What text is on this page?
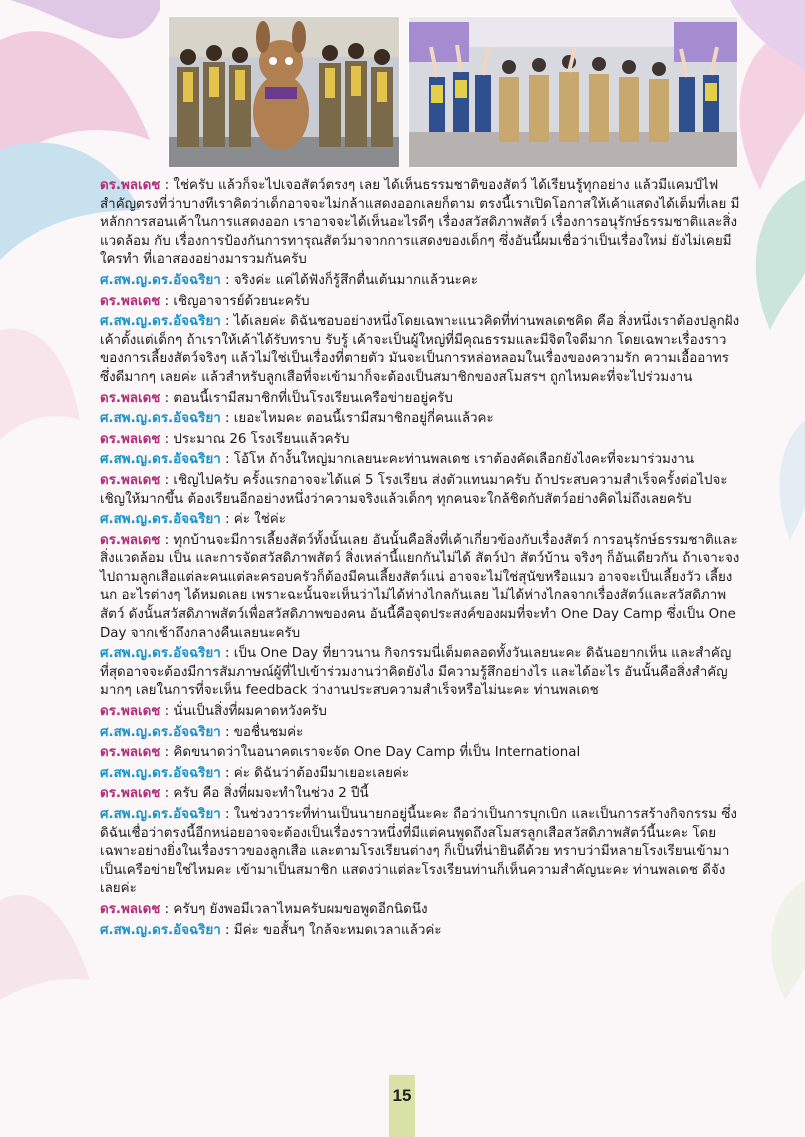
ดร.พลเดช : ใช่ครับ แล้วก็จะไปเจอสัตว์ตรงๆ เลย ได้เห็นธรรมชาติของสัตว์ ได้เรียนรู้ทุกอย่าง แล้วมีแคมป์ไฟสำคัญตรงที่ว่าบางทีเราคิดว่าเด็กอาจจะไม่กล้าแสดงออกเลยก็ตาม ตรงนี้เราเปิดโอกาสให้เค้าแสดงได้เต็มที่เลย มีหลักการสอนเค้าในการแสดงออก เราอาจจะได้เห็นอะไรดีๆ เรื่องสวัสดิภาพสัตว์ เรื่องการอนุรักษ์ธรรมชาติและสิ่งแวดล้อม กับ เรื่องการป้องกันการทารุณสัตว์มาจากการแสดงของเด็กๆ ซึ่งอันนี้ผมเชื่อว่าเป็นเรื่องใหม่ ยังไม่เคยมีใครทำ ที่เอาสองอย่างมารวมกันครับ

ศ.สพ.ญ.ดร.อัจฉริยา : จริงค่ะ แค่ได้ฟังก็รู้สึกตื่นเต้นมากแล้วนะคะ

ดร.พลเดช : เชิญอาจารย์ด้วยนะครับ

ศ.สพ.ญ.ดร.อัจฉริยา : ได้เลยค่ะ ดิฉันชอบอย่างหนึ่งโดยเฉพาะแนวคิดที่ท่านพลเดชคิด คือ สิ่งหนึ่งเราต้องปลูกฝังเค้าตั้งแต่เด็กๆ ถ้าเราให้เค้าได้รับทราบ รับรู้ เค้าจะเป็นผู้ใหญ่ที่มีคุณธรรมและมีจิตใจดีมาก โดยเฉพาะเรื่องราวของการเลี้ยงสัตว์จริงๆ แล้วไม่ใช่เป็นเรื่องที่ตายตัว มันจะเป็นการหล่อหลอมในเรื่องของความรัก ความเอื้ออาทร ซึ่งดีมากๆ เลยค่ะ แล้วสำหรับลูกเสือที่จะเข้ามาก็จะต้องเป็นสมาชิกของสโมสรฯ ถูกไหมคะที่จะไปร่วมงาน

ดร.พลเดช : ตอนนี้เรามีสมาชิกที่เป็นโรงเรียนเครือข่ายอยู่ครับ

ศ.สพ.ญ.ดร.อัจฉริยา : เยอะไหมคะ ตอนนี้เรามีสมาชิกอยู่กี่คนแล้วคะ

ดร.พลเดช : ประมาณ 26 โรงเรียนแล้วครับ

ศ.สพ.ญ.ดร.อัจฉริยา : โอ้โห ถ้างั้นใหญ่มากเลยนะคะท่านพลเดช เราต้องคัดเลือกยังไงคะที่จะมาร่วมงาน

ดร.พลเดช : เชิญไปครับ ครั้งแรกอาจจะได้แค่ 5 โรงเรียน ส่งตัวแทนมาครับ ถ้าประสบความสำเร็จครั้งต่อไปจะเชิญให้มากขึ้น ต้องเรียนอีกอย่างหนึ่งว่าความจริงแล้วเด็กๆ ทุกคนจะใกล้ชิดกับสัตว์อย่างคิดไม่ถึงเลยครับ

ศ.สพ.ญ.ดร.อัจฉริยา : ค่ะ ใช่ค่ะ

ดร.พลเดช : ทุกบ้านจะมีการเลี้ยงสัตว์ทั้งนั้นเลย อันนั้นคือสิ่งที่เค้าเกี่ยวข้องกับเรื่องสัตว์ การอนุรักษ์ธรรมชาติและสิ่งแวดล้อม เป็น และการจัดสวัสดิภาพสัตว์ สิ่งเหล่านี้แยกกันไม่ได้ สัตว์ป่า สัตว์บ้าน จริงๆ ก็อันเดียวกัน ถ้าเจาะจงไปถามลูกเสือแต่ละคนแต่ละครอบครัวก็ต้องมีคนเลี้ยงสัตว์แน่ อาจจะไม่ใช่สุนัขหรือแมว อาจจะเป็นเลี้ยงวัว เลี้ยงนก อะไรต่างๆ ได้หมดเลย เพราะฉะนั้นจะเห็นว่าไม่ได้ห่างไกลกันเลย ไม่ได้ห่างไกลจากเรื่องสัตว์และสวัสดิภาพสัตว์ ดังนั้นสวัสดิภาพสัตว์เพื่อสวัสดิภาพของคน อันนี้คือจุดประสงค์ของผมที่จะทำ One Day Camp ซึ่งเป็น One Day จากเช้าถึงกลางคืนเลยนะครับ

ศ.สพ.ญ.ดร.อัจฉริยา : เป็น One Day ที่ยาวนาน กิจกรรมนี่เต็มตลอดทั้งวันเลยนะคะ ดิฉันอยากเห็น และสำคัญที่สุดอาจจะต้องมีการสัมภาษณ์ผู้ที่ไปเข้าร่วมงานว่าคิดยังไง มีความรู้สึกอย่างไร และได้อะไร อันนั้นคือสิ่งสำคัญมากๆ เลยในการที่จะเห็น feedback ว่างานประสบความสำเร็จหรือไม่นะคะ ท่านพลเดช

ดร.พลเดช : นั่นเป็นสิ่งที่ผมคาดหวังครับ

ศ.สพ.ญ.ดร.อัจฉริยา : ขอชื่นชมค่ะ

ดร.พลเดช : คิดขนาดว่าในอนาคตเราจะจัด One Day Camp ที่เป็น International

ศ.สพ.ญ.ดร.อัจฉริยา : ค่ะ ดิฉันว่าต้องมีมาเยอะเลยค่ะ

ดร.พลเดช : ครับ คือ สิ่งที่ผมจะทำในช่วง 2 ปีนี้

ศ.สพ.ญ.ดร.อัจฉริยา : ในช่วงวาระที่ท่านเป็นนายกอยู่นี้นะคะ ถือว่าเป็นการบุกเบิก และเป็นการสร้างกิจกรรม ซึ่งดิฉันเชื่อว่าตรงนี้อีกหน่อยอาจจะต้องเป็นเรื่องราวหนึ่งที่มีแต่คนพูดถึงสโมสรลูกเสือสวัสดิภาพสัตว์นี้นะคะ โดยเฉพาะอย่างยิ่งในเรื่องราวของลูกเสือ และตามโรงเรียนต่างๆ ก็เป็นที่น่ายินดีด้วย ทราบว่ามีหลายโรงเรียนเข้ามาเป็นเครือข่ายใช่ไหมคะ เข้ามาเป็นสมาชิก แสดงว่าแต่ละโรงเรียนท่านก็เห็นความสำคัญนะคะ ท่านพลเดช ดีจังเลยค่ะ

ดร.พลเดช : ครับๆ ยังพอมีเวลาไหมครับผมขอพูดอีกนิดนึง

ศ.สพ.ญ.ดร.อัจฉริยา : มีค่ะ ขอสั้นๆ ใกล้จะหมดเวลาแล้วค่ะ

15
